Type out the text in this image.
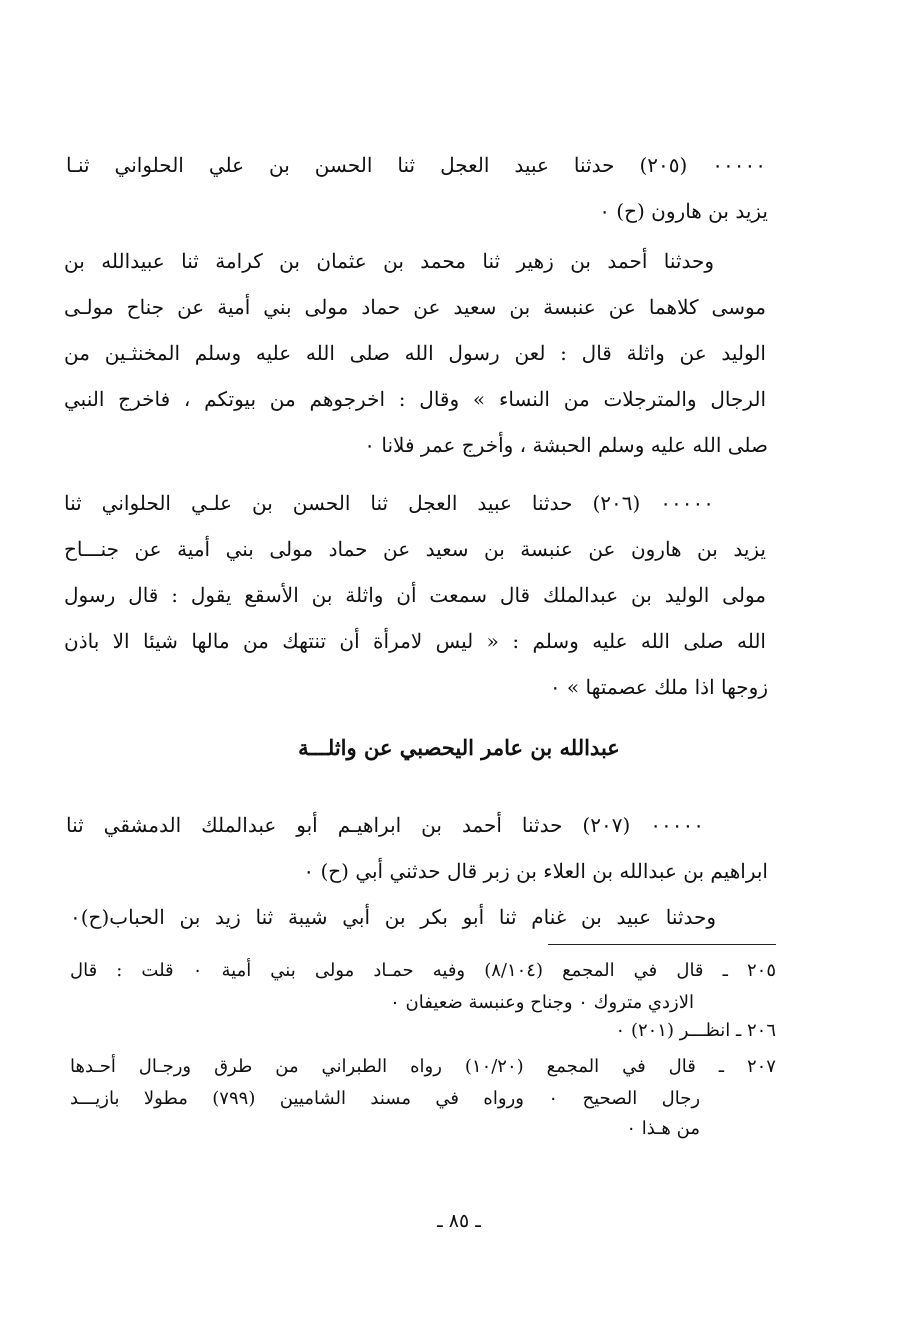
٠٠٠٠٠ (٢٠٥) حدثنا عبيد العجل ثنا الحسن بن علي الحلواني ثنـا
يزيد بن هارون (ح) ٠
وحدثنا أحمد بن زهير ثنا محمد بن عثمان بن كرامة ثنا عبيدالله بن
موسى كلاهما عن عنبسة بن سعيد عن حماد مولى بني أمية عن جناح مولـى
الوليد عن واثلة قال : لعن رسول الله صلى الله عليه وسلم المخنثـين من
الرجال والمترجلات من النساء » وقال : اخرجوهم من بيوتكم ، فاخرج النبي
صلى الله عليه وسلم الحبشة ، وأخرج عمر فلانا ٠
٠٠٠٠٠ (٢٠٦) حدثنا عبيد العجل ثنا الحسن بن علـي الحلواني ثنا
يزيد بن هارون عن عنبسة بن سعيد عن حماد مولى بني أمية عن جنـــاح
مولى الوليد بن عبدالملك قال سمعت أن واثلة بن الأسقع يقول : قال رسول
الله صلى الله عليه وسلم : « ليس لامرأة أن تنتهك من مالها شيئا الا باذن
زوجها اذا ملك عصمتها » ٠
عبدالله بن عامر اليحصبي عن واثلـــة
٠٠٠٠٠ (٢٠٧) حدثنا أحمد بن ابراهيـم أبو عبدالملك الدمشقي ثنا
ابراهيم بن عبدالله بن العلاء بن زبر قال حدثني أبي (ح) ٠
وحدثنا عبيد بن غنام ثنا أبو بكر بن أبي شيبة ثنا زيد بن الحباب(ح)٠
٢٠٥ ـ قال في المجمع (٨/١٠٤) وفيه حمـاد مولى بني أمية ٠ قلت : قال
الازدي متروك ٠ وجناح وعنبسة ضعيفان ٠
٢٠٦ ـ انظـــر (٢٠١) ٠
٢٠٧ ـ قال في المجمع (١٠/٢٠) رواه الطبراني من طرق ورجـال أحـدها
رجال الصحيح ٠ ورواه في مسند الشاميين (٧٩٩) مطولا بازيـــد
من هـذا ٠
ـ ٨٥ ـ
